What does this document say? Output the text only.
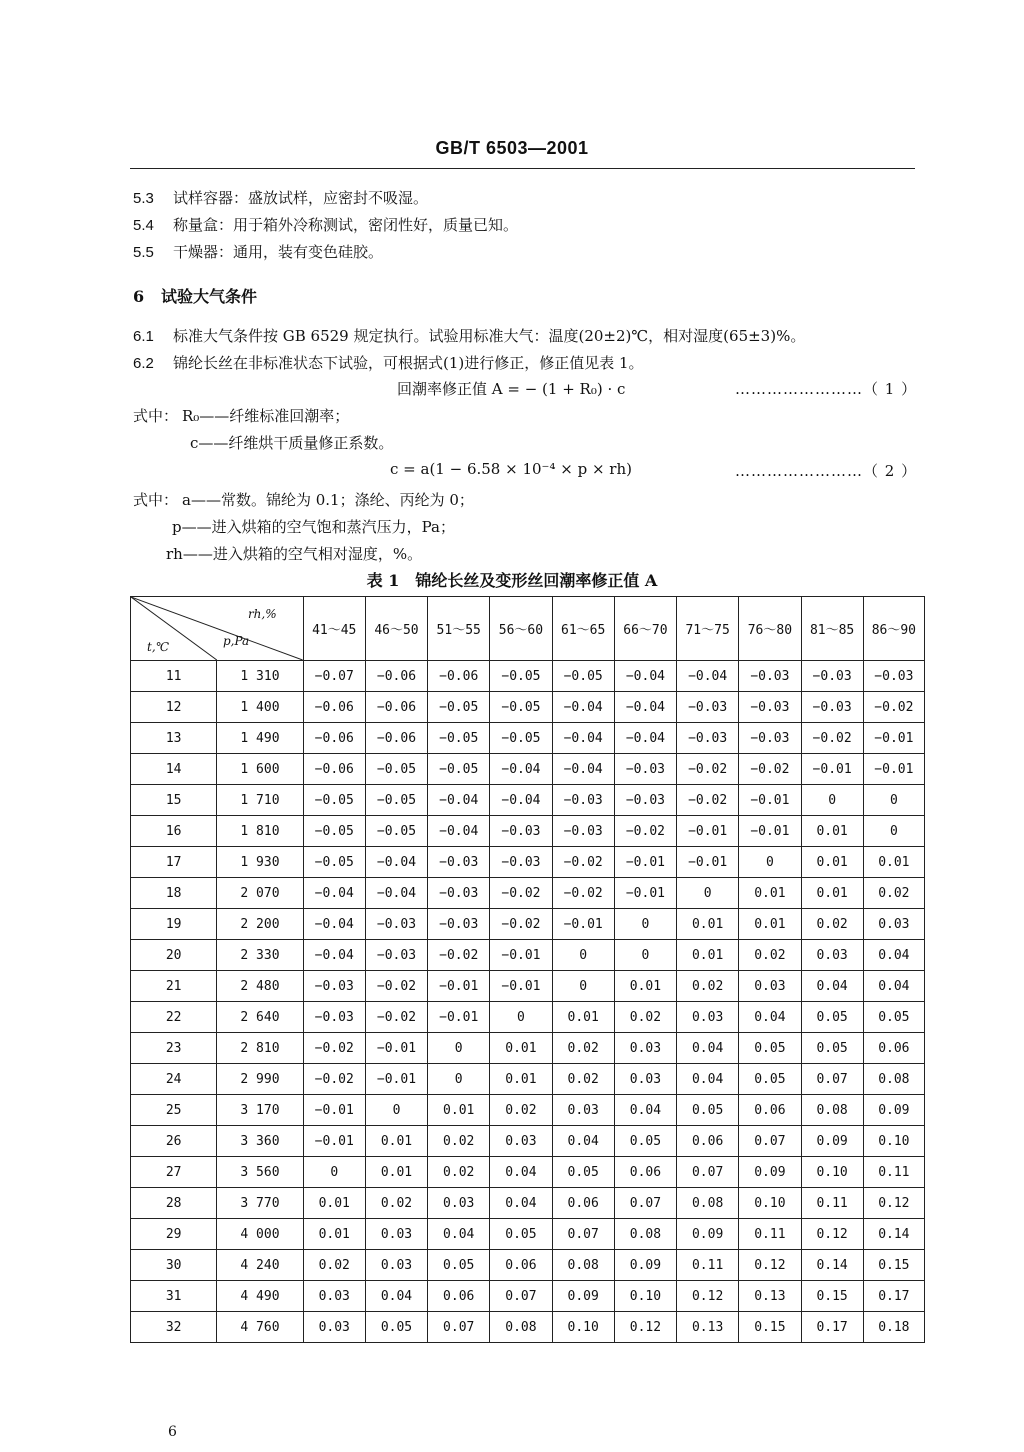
GB/T 6503—2001
5.3 试样容器：盛放试样，应密封不吸湿。
5.4 称量盒：用于箱外冷称测试，密闭性好，质量已知。
5.5 干燥器：通用，装有变色硅胶。
6 试验大气条件
6.1 标准大气条件按 GB 6529 规定执行。试验用标准大气：温度(20±2)℃，相对湿度(65±3)%。
6.2 锦纶长丝在非标准状态下试验，可根据式(1)进行修正，修正值见表 1。
回潮率修正值 A = − (1 + R₀) · c	……………………（ 1 ）
式中： R₀——纤维标准回潮率；
c——纤维烘干质量修正系数。
c = a(1 − 6.58 × 10⁻⁴ × p × rh)	……………………（ 2 ）
式中： a——常数。锦纶为 0.1；涤纶、丙纶为 0；
p——进入烘箱的空气饱和蒸汽压力，Pa；
rh——进入烘箱的空气相对湿度，%。
表 1　锦纶长丝及变形丝回潮率修正值 A
rh,%
t,℃ p,Pa		41～45	46～50	51～55	56～60	61～65	66～70	71～75	76～80	81～85	86～90
11	1 310	−0.07	−0.06	−0.06	−0.05	−0.05	−0.04	−0.04	−0.03	−0.03	−0.03
12	1 400	−0.06	−0.06	−0.05	−0.05	−0.04	−0.04	−0.03	−0.03	−0.03	−0.02
13	1 490	−0.06	−0.06	−0.05	−0.05	−0.04	−0.04	−0.03	−0.03	−0.02	−0.01
14	1 600	−0.06	−0.05	−0.05	−0.04	−0.04	−0.03	−0.02	−0.02	−0.01	−0.01
15	1 710	−0.05	−0.05	−0.04	−0.04	−0.03	−0.03	−0.02	−0.01	0	0
16	1 810	−0.05	−0.05	−0.04	−0.03	−0.03	−0.02	−0.01	−0.01	0.01	0
17	1 930	−0.05	−0.04	−0.03	−0.03	−0.02	−0.01	−0.01	0	0.01	0.01
18	2 070	−0.04	−0.04	−0.03	−0.02	−0.02	−0.01	0	0.01	0.01	0.02
19	2 200	−0.04	−0.03	−0.03	−0.02	−0.01	0	0.01	0.01	0.02	0.03
20	2 330	−0.04	−0.03	−0.02	−0.01	0	0	0.01	0.02	0.03	0.04
21	2 480	−0.03	−0.02	−0.01	−0.01	0	0.01	0.02	0.03	0.04	0.04
22	2 640	−0.03	−0.02	−0.01	0	0.01	0.02	0.03	0.04	0.05	0.05
23	2 810	−0.02	−0.01	0	0.01	0.02	0.03	0.04	0.05	0.05	0.06
24	2 990	−0.02	−0.01	0	0.01	0.02	0.03	0.04	0.05	0.07	0.08
25	3 170	−0.01	0	0.01	0.02	0.03	0.04	0.05	0.06	0.08	0.09
26	3 360	−0.01	0.01	0.02	0.03	0.04	0.05	0.06	0.07	0.09	0.10
27	3 560	0	0.01	0.02	0.04	0.05	0.06	0.07	0.09	0.10	0.11
28	3 770	0.01	0.02	0.03	0.04	0.06	0.07	0.08	0.10	0.11	0.12
29	4 000	0.01	0.03	0.04	0.05	0.07	0.08	0.09	0.11	0.12	0.14
30	4 240	0.02	0.03	0.05	0.06	0.08	0.09	0.11	0.12	0.14	0.15
31	4 490	0.03	0.04	0.06	0.07	0.09	0.10	0.12	0.13	0.15	0.17
32	4 760	0.03	0.05	0.07	0.08	0.10	0.12	0.13	0.15	0.17	0.18
6
